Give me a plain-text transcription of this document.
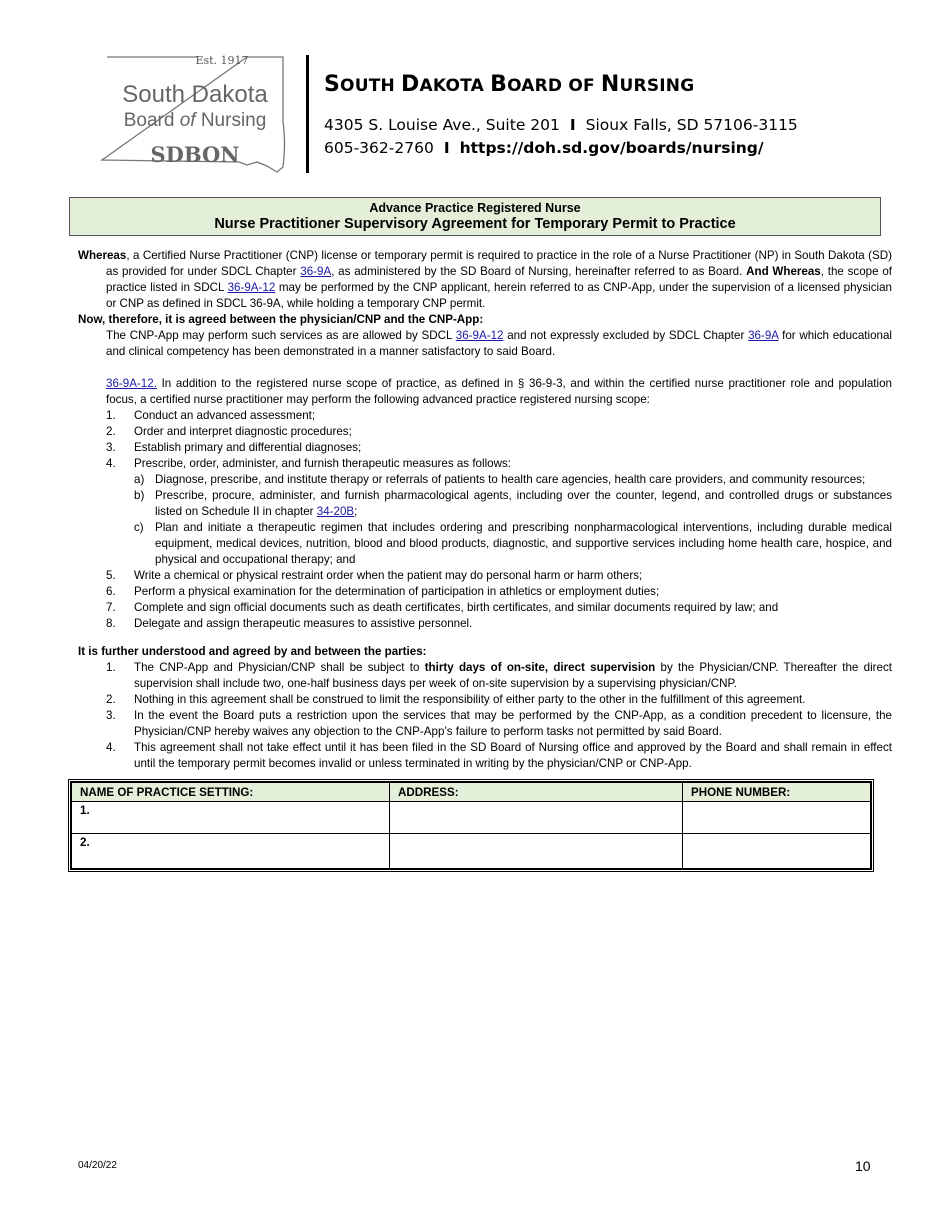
Est. 1917
South Dakota
Board of Nursing
SDBON
SOUTH DAKOTA BOARD OF NURSING
4305 S. Louise Ave., Suite 201 I Sioux Falls, SD 57106-3115
605-362-2760 I https://doh.sd.gov/boards/nursing/
Advance Practice Registered Nurse
Nurse Practitioner Supervisory Agreement for Temporary Permit to Practice

Whereas, a Certified Nurse Practitioner (CNP) license or temporary permit is required to practice in the role of a Nurse Practitioner (NP) in South Dakota (SD) as provided for under SDCL Chapter 36-9A, as administered by the SD Board of Nursing, hereinafter referred to as Board. And Whereas, the scope of practice listed in SDCL 36-9A-12 may be performed by the CNP applicant, herein referred to as CNP-App, under the supervision of a licensed physician or CNP as defined in SDCL 36-9A, while holding a temporary CNP permit.

Now, therefore, it is agreed between the physician/CNP and the CNP-App:

The CNP-App may perform such services as are allowed by SDCL 36-9A-12 and not expressly excluded by SDCL Chapter 36-9A for which educational and clinical competency has been demonstrated in a manner satisfactory to said Board.

36-9A-12. In addition to the registered nurse scope of practice, as defined in § 36-9-3, and within the certified nurse practitioner role and population focus, a certified nurse practitioner may perform the following advanced practice registered nursing scope:

1. Conduct an advanced assessment;
2. Order and interpret diagnostic procedures;
3. Establish primary and differential diagnoses;
4. Prescribe, order, administer, and furnish therapeutic measures as follows:
a) Diagnose, prescribe, and institute therapy or referrals of patients to health care agencies, health care providers, and community resources;
b) Prescribe, procure, administer, and furnish pharmacological agents, including over the counter, legend, and controlled drugs or substances listed on Schedule II in chapter 34-20B;
c) Plan and initiate a therapeutic regimen that includes ordering and prescribing nonpharmacological interventions, including durable medical equipment, medical devices, nutrition, blood and blood products, diagnostic, and supportive services including home health care, hospice, and physical and occupational therapy; and
5. Write a chemical or physical restraint order when the patient may do personal harm or harm others;
6. Perform a physical examination for the determination of participation in athletics or employment duties;
7. Complete and sign official documents such as death certificates, birth certificates, and similar documents required by law; and
8. Delegate and assign therapeutic measures to assistive personnel.

It is further understood and agreed by and between the parties:

1. The CNP-App and Physician/CNP shall be subject to thirty days of on-site, direct supervision by the Physician/CNP. Thereafter the direct supervision shall include two, one-half business days per week of on-site supervision by a supervising physician/CNP.
2. Nothing in this agreement shall be construed to limit the responsibility of either party to the other in the fulfillment of this agreement.
3. In the event the Board puts a restriction upon the services that may be performed by the CNP-App, as a condition precedent to licensure, the Physician/CNP hereby waives any objection to the CNP-App’s failure to perform tasks not permitted by said Board.
4. This agreement shall not take effect until it has been filed in the SD Board of Nursing office and approved by the Board and shall remain in effect until the temporary permit becomes invalid or unless terminated in writing by the physician/CNP or CNP-App.
NAME OF PRACTICE SETTING:	ADDRESS:	PHONE NUMBER:
1.		
2.		
04/20/22	10
